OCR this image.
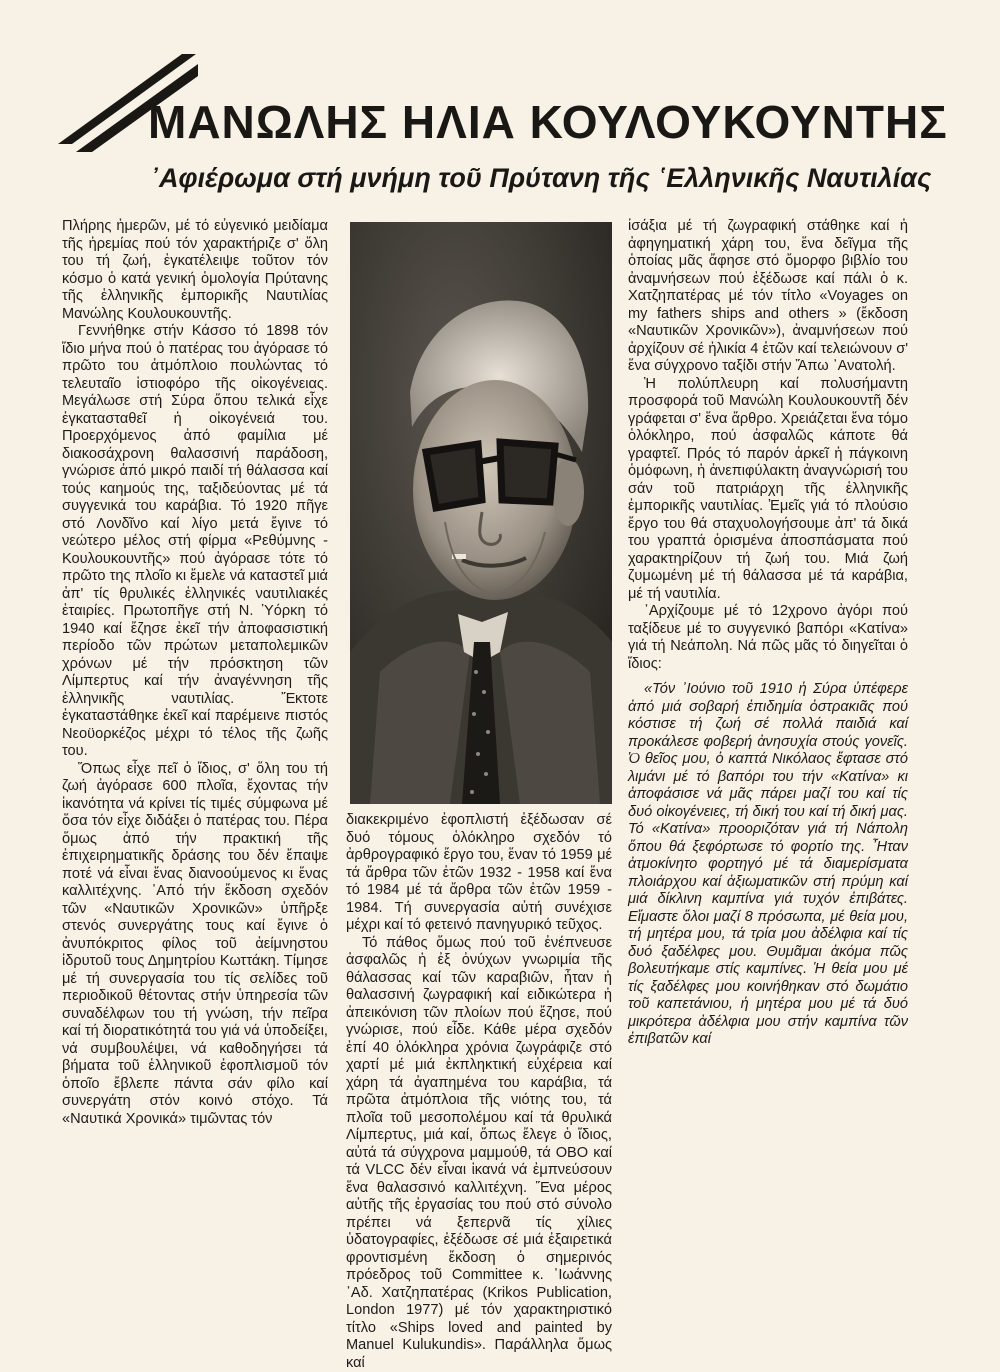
ΜΑΝΩΛΗΣ ΗΛΙΑ ΚΟΥΛΟΥΚΟΥΝΤΗΣ
᾿Αφιέρωμα στή μνήμη τοῦ Πρύτανη τῆς ῾Ελληνικῆς Ναυτιλίας

Πλήρης ἡμερῶν, μέ τό εὐγενικό μειδίαμα τῆς ἠρεμίας πού τόν χαρακτήριζε σ' ὅλη του τή ζωή, ἐγκατέλειψε τοῦτον τόν κόσμο ὁ κατά γενική ὁμολογία Πρύτανης τῆς ἑλληνικῆς ἐμπορικῆς Ναυτιλίας Μανώλης Κουλουκουντῆς.

Γεννήθηκε στήν Κάσσο τό 1898 τόν ἴδιο μήνα πού ὁ πατέρας του ἀγόρασε τό πρῶτο του ἀτμόπλοιο πουλώντας τό τελευταῖο ἱστιοφόρο τῆς οἰκογένειας. Μεγάλωσε στή Σύρα ὅπου τελικά εἶχε ἐγκατασταθεῖ ἡ οἰκογένειά του. Προερχόμενος ἀπό φαμίλια μέ διακοσάχρονη θαλασσινή παράδοση, γνώρισε ἀπό μικρό παιδί τή θάλασσα καί τούς καημούς της, ταξιδεύοντας μέ τά συγγενικά του καράβια. Τό 1920 πῆγε στό Λονδῖνο καί λίγο μετά ἔγινε τό νεώτερο μέλος στή φίρμα «Ρεθύμνης - Κουλουκουντῆς» πού ἀγόρασε τότε τό πρῶτο της πλοῖο κι ἔμελε νά καταστεῖ μιά ἀπ' τίς θρυλικές ἑλληνικές ναυτιλιακές ἑταιρίες. Πρωτοπῆγε στή Ν. Ὑόρκη τό 1940 καί ἔζησε ἐκεῖ τήν ἀποφασιστική περίοδο τῶν πρώτων μεταπολεμικῶν χρόνων μέ τήν πρόσκτηση τῶν Λίμπερτυς καί τήν ἀναγέννηση τῆς ἑλληνικῆς ναυτιλίας. Ἔκτοτε ἐγκαταστάθηκε ἐκεῖ καί παρέμεινε πιστός Νεοϋορκέζος μέχρι τό τέλος τῆς ζωῆς του.

Ὅπως εἶχε πεῖ ὁ ἴδιος, σ' ὅλη του τή ζωή ἀγόρασε 600 πλοῖα, ἔχοντας τήν ἱκανότητα νά κρίνει τίς τιμές σύμφωνα μέ ὅσα τόν εἶχε διδάξει ὁ πατέρας του. Πέρα ὅμως ἀπό τήν πρακτική τῆς ἐπιχειρηματικῆς δράσης του δέν ἔπαψε ποτέ νά εἶναι ἕνας διανοούμενος κι ἕνας καλλιτέχνης. ᾿Από τήν ἔκδοση σχεδόν τῶν «Ναυτικῶν Χρονικῶν» ὑπῆρξε στενός συνεργάτης τους καί ἔγινε ὁ ἀνυπόκριτος φίλος τοῦ ἀείμνηστου ἱδρυτοῦ τους Δημητρίου Κωττάκη. Τίμησε μέ τή συνεργασία του τίς σελίδες τοῦ περιοδικοῦ θέτοντας στήν ὑπηρεσία τῶν συναδέλφων του τή γνώση, τήν πεῖρα καί τή διορατικότητά του γιά νά ὑποδείξει, νά συμβουλέψει, νά καθοδηγήσει τά βήματα τοῦ ἑλληνικοῦ ἐφοπλισμοῦ τόν ὁποῖο ἔβλεπε πάντα σάν φίλο καί συνεργάτη στόν κοινό στόχο. Τά «Ναυτικά Χρονικά» τιμῶντας τόν

διακεκριμένο ἐφοπλιστή ἐξέδωσαν σέ δυό τόμους ὁλόκληρο σχεδόν τό ἀρθρογραφικό ἔργο του, ἕναν τό 1959 μέ τά ἄρθρα τῶν ἐτῶν 1932 - 1958 καί ἕνα τό 1984 μέ τά ἄρθρα τῶν ἐτῶν 1959 - 1984. Τή συνεργασία αὐτή συνέχισε μέχρι καί τό φετεινό πανηγυρικό τεῦχος.

Τό πάθος ὅμως πού τοῦ ἐνέπνευσε ἀσφαλῶς ἡ ἐξ ὀνύχων γνωριμία τῆς θάλασσας καί τῶν καραβιῶν, ἦταν ἡ θαλασσινή ζωγραφική καί ειδικώτερα ἡ ἀπεικόνιση τῶν πλοίων πού ἔζησε, πού γνώρισε, πού εἶδε. Κάθε μέρα σχεδόν ἐπί 40 ὁλόκληρα χρόνια ζωγράφιζε στό χαρτί μέ μιά ἐκπληκτική εὐχέρεια καί χάρη τά ἀγαπημένα του καράβια, τά πρῶτα ἀτμόπλοια τῆς νιότης του, τά πλοῖα τοῦ μεσοπολέμου καί τά θρυλικά Λίμπερτυς, μιά καί, ὅπως ἔλεγε ὁ ἴδιος, αὐτά τά σύγχρονα μαμμούθ, τά OBO καί τά VLCC δέν εἶναι ἱκανά νά ἐμπνεύσουν ἕνα θαλασσινό καλλιτέχνη. Ἕνα μέρος αὐτῆς τῆς ἐργασίας του πού στό σύνολο πρέπει νά ξεπερνᾶ τίς χίλιες ὑδατογραφίες, ἐξέδωσε σέ μιά ἐξαιρετικά φροντισμένη ἔκδοση ὁ σημερινός πρόεδρος τοῦ Committee κ. ᾿Ιωάννης ᾿Αδ. Χατζηπατέρας (Krikos Publication, London 1977) μέ τόν χαρακτηριστικό τίτλο «Ships loved and painted by Manuel Kulukundis». Παράλληλα ὅμως καί

ἰσάξια μέ τή ζωγραφική στάθηκε καί ἡ ἀφηγηματική χάρη του, ἕνα δεῖγμα τῆς ὁποίας μᾶς ἄφησε στό ὄμορφο βιβλίο του ἀναμνήσεων πού ἐξέδωσε καί πάλι ὁ κ. Χατζηπατέρας μέ τόν τίτλο «Voyages on my fathers ships and others » (ἔκδοση «Ναυτικῶν Χρονικῶν»), ἀναμνήσεων πού ἀρχίζουν σέ ἡλικία 4 ἐτῶν καί τελειώνουν σ' ἕνα σύγχρονο ταξίδι στήν Ἄπω ᾿Ανατολή.

Ἡ πολύπλευρη καί πολυσήμαντη προσφορά τοῦ Μανώλη Κουλουκουντῆ δέν γράφεται σ' ἕνα ἄρθρο. Χρειάζεται ἕνα τόμο ὁλόκληρο, πού ἀσφαλῶς κάποτε θά γραφτεῖ. Πρός τό παρόν ἀρκεῖ ἡ πάγκοινη ὁμόφωνη, ἡ ἀνεπιφύλακτη ἀναγνώρισή του σάν τοῦ πατριάρχη τῆς ἑλληνικῆς ἐμπορικῆς ναυτιλίας. Ἐμεῖς γιά τό πλούσιο ἔργο του θά σταχυολογήσουμε ἀπ' τά δικά του γραπτά ὁρισμένα ἀποσπάσματα πού χαρακτηρίζουν τή ζωή του. Μιά ζωή ζυμωμένη μέ τή θάλασσα μέ τά καράβια, μέ τή ναυτιλία.

᾿Αρχίζουμε μέ τό 12χρονο ἀγόρι πού ταξίδευε μέ το συγγενικό βαπόρι «Κατίνα» γιά τή Νεάπολη. Νά πῶς μᾶς τό διηγεῖται ὁ ἴδιος:

«Τόν ᾿Ιούνιο τοῦ 1910 ἡ Σύρα ὑπέφερε ἀπό μιά σοβαρή ἐπιδημία ὀστρακιᾶς πού κόστισε τή ζωή σέ πολλά παιδιά καί προκάλεσε φοβερή ἀνησυχία στούς γονεῖς. Ὁ θεῖος μου, ὁ καπτά Νικόλαος ἔφτασε στό λιμάνι μέ τό βαπόρι του τήν «Κατίνα» κι ἀποφάσισε νά μᾶς πάρει μαζί του καί τίς δυό οἰκογένειες, τή δική του καί τή δική μας. Τό «Κατίνα» προοριζόταν γιά τή Νάπολη ὅπου θά ξεφόρτωσε τό φορτίο της. Ἦταν ἀτμοκίνητο φορτηγό μέ τά διαμερίσματα πλοιάρχου καί ἀξιωματικῶν στή πρύμη καί μιά δίκλινη καμπίνα γιά τυχόν ἐπιβάτες. Εἴμαστε ὅλοι μαζί 8 πρόσωπα, μέ θεία μου, τή μητέρα μου, τά τρία μου ἀδέλφια καί τίς δυό ξαδέλφες μου. Θυμᾶμαι ἀκόμα πῶς βολευτήκαμε στίς καμπίνες. Ἡ θεία μου μέ τίς ξαδέλφες μου κοινήθηκαν στό δωμάτιο τοῦ καπετάνιου, ἡ μητέρα μου μέ τά δυό μικρότερα ἀδέλφια μου στήν καμπίνα τῶν ἐπιβατῶν καί
